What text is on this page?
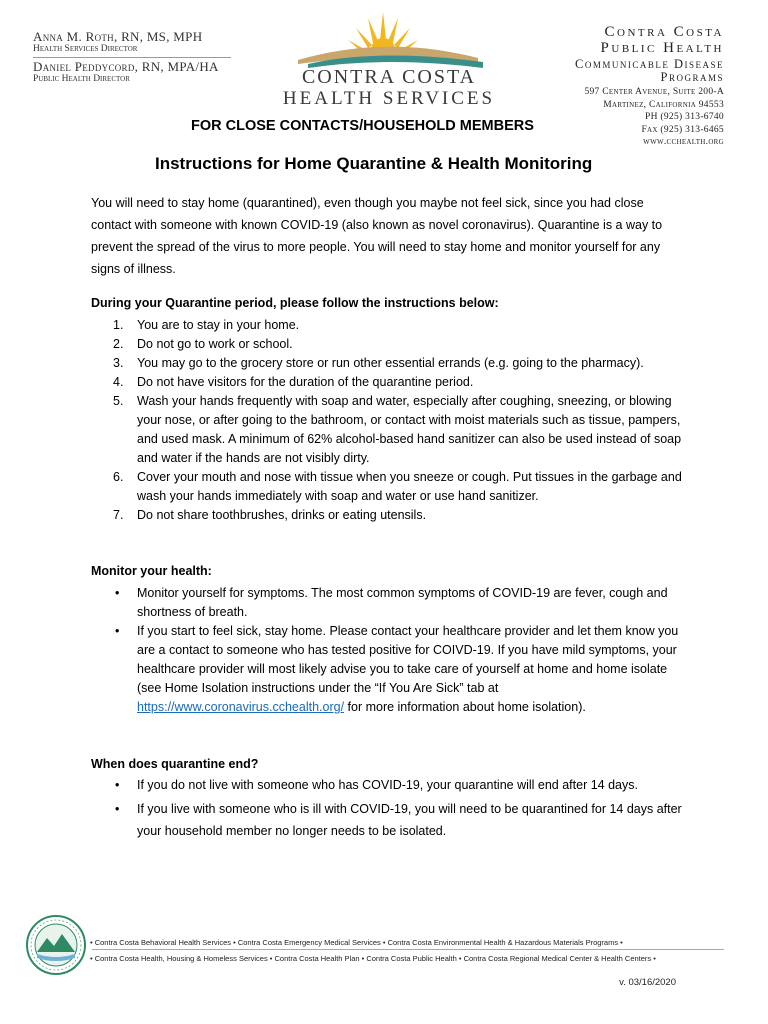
Anna M. Roth, RN, MS, MPH
Health Services Director
Daniel Peddycord, RN, MPA/HA
Public Health Director	CONTRA COSTA
HEALTH SERVICES
Contra Costa
Public Health
Communicable Disease
Programs
597 Center Avenue, Suite 200-A
Martinez, California 94553
PH (925) 313-6740
Fax (925) 313-6465
www.cchealth.org
FOR CLOSE CONTACTS/HOUSEHOLD MEMBERS
Instructions for Home Quarantine & Health Monitoring
You will need to stay home (quarantined), even though you maybe not feel sick, since you had close contact with someone with known COVID-19 (also known as novel coronavirus). Quarantine is a way to prevent the spread of the virus to more people. You will need to stay home and monitor yourself for any signs of illness.
During your Quarantine period, please follow the instructions below:
1. You are to stay in your home.
2. Do not go to work or school.
3. You may go to the grocery store or run other essential errands (e.g. going to the pharmacy).
4. Do not have visitors for the duration of the quarantine period.
5. Wash your hands frequently with soap and water, especially after coughing, sneezing, or blowing your nose, or after going to the bathroom, or contact with moist materials such as tissue, pampers, and used mask. A minimum of 62% alcohol-based hand sanitizer can also be used instead of soap and water if the hands are not visibly dirty.
6. Cover your mouth and nose with tissue when you sneeze or cough. Put tissues in the garbage and wash your hands immediately with soap and water or use hand sanitizer.
7. Do not share toothbrushes, drinks or eating utensils.
Monitor your health:
• Monitor yourself for symptoms. The most common symptoms of COVID-19 are fever, cough and shortness of breath.
• If you start to feel sick, stay home. Please contact your healthcare provider and let them know you are a contact to someone who has tested positive for COIVD-19. If you have mild symptoms, your healthcare provider will most likely advise you to take care of yourself at home and home isolate (see Home Isolation instructions under the “If You Are Sick” tab at https://www.coronavirus.cchealth.org/ for more information about home isolation).
When does quarantine end?
• If you do not live with someone who has COVID-19, your quarantine will end after 14 days.
• If you live with someone who is ill with COVID-19, you will need to be quarantined for 14 days after your household member no longer needs to be isolated.
• Contra Costa Behavioral Health Services • Contra Costa Emergency Medical Services • Contra Costa Environmental Health & Hazardous Materials Programs •
• Contra Costa Health, Housing & Homeless Services • Contra Costa Health Plan • Contra Costa Public Health • Contra Costa Regional Medical Center & Health Centers •
v. 03/16/2020
